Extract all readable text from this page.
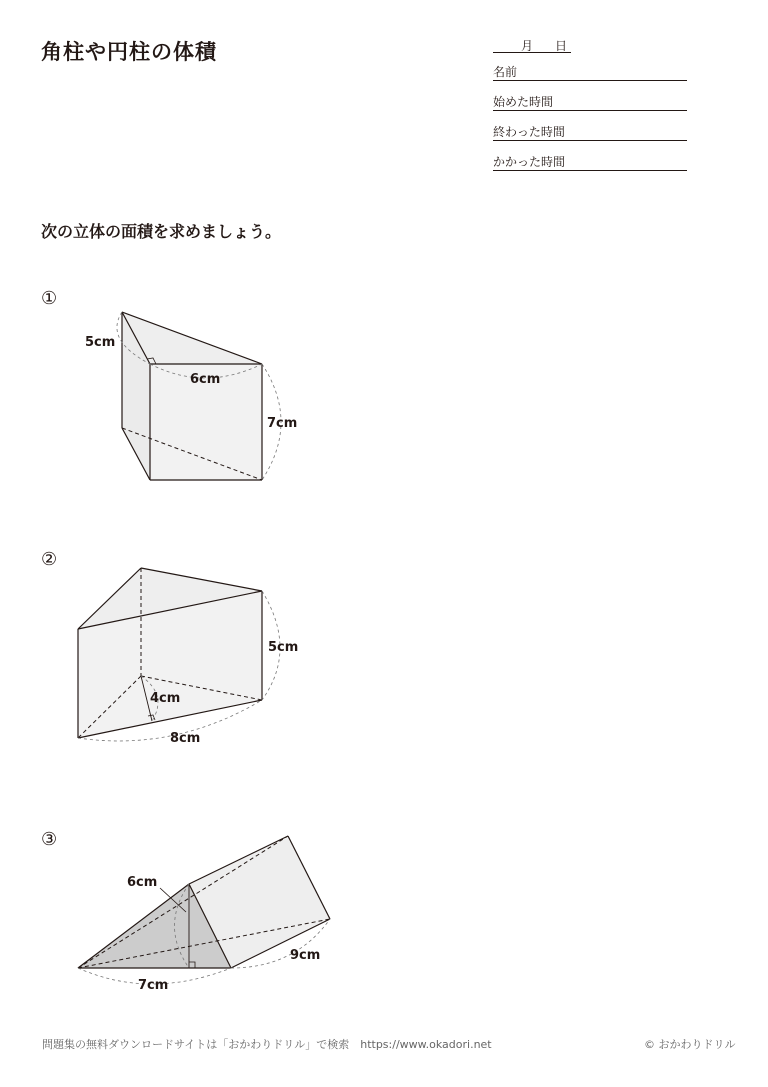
角柱や円柱の体積	月 日
名前
始めた時間
終わった時間
かかった時間
次の立体の面積を求めましょう。
①
5cm
6cm
7cm
②
5cm
4cm
8cm
③
6cm
7cm
9cm
問題集の無料ダウンロードサイトは「おかわりドリル」で検索　https://www.okadori.net	© おかわりドリル
